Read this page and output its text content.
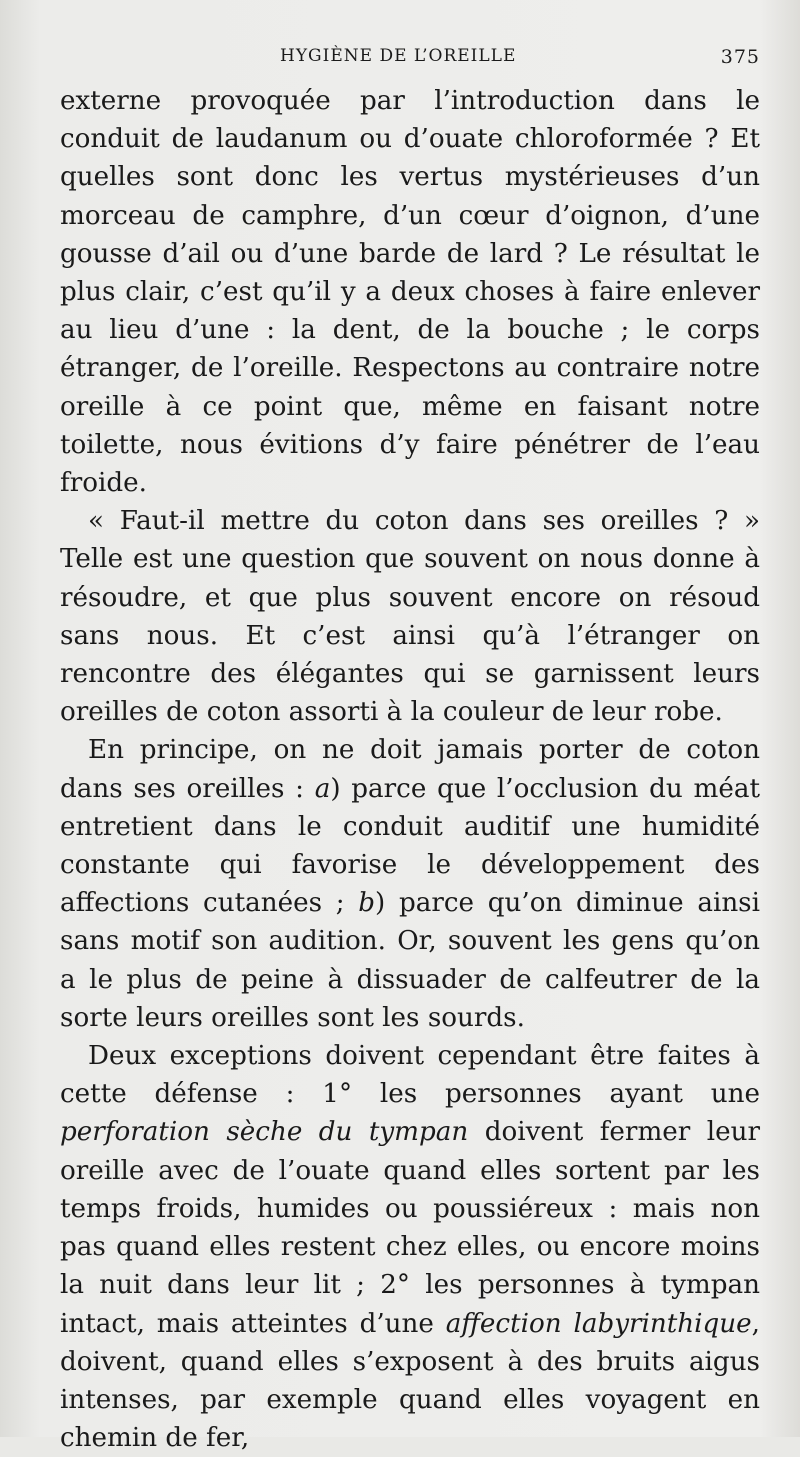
HYGIÈNE DE L’OREILLE	375

externe provoquée par l’introduction dans le conduit de laudanum ou d’ouate chloroformée ? Et quelles sont donc les vertus mystérieuses d’un morceau de camphre, d’un cœur d’oignon, d’une gousse d’ail ou d’une barde de lard ? Le résultat le plus clair, c’est qu’il y a deux choses à faire enlever au lieu d’une : la dent, de la bouche ; le corps étranger, de l’oreille. Respectons au contraire notre oreille à ce point que, même en faisant notre toilette, nous évitions d’y faire pénétrer de l’eau froide.

« Faut-il mettre du coton dans ses oreilles ? » Telle est une question que souvent on nous donne à résoudre, et que plus souvent encore on résoud sans nous. Et c’est ainsi qu’à l’étranger on rencontre des élégantes qui se garnissent leurs oreilles de coton assorti à la couleur de leur robe.

En principe, on ne doit jamais porter de coton dans ses oreilles : a) parce que l’occlusion du méat entretient dans le conduit auditif une humidité constante qui favorise le développement des affections cutanées ; b) parce qu’on diminue ainsi sans motif son audition. Or, souvent les gens qu’on a le plus de peine à dissuader de calfeutrer de la sorte leurs oreilles sont les sourds.

Deux exceptions doivent cependant être faites à cette défense : 1° les personnes ayant une perforation sèche du tympan doivent fermer leur oreille avec de l’ouate quand elles sortent par les temps froids, humides ou poussiéreux : mais non pas quand elles restent chez elles, ou encore moins la nuit dans leur lit ; 2° les personnes à tympan intact, mais atteintes d’une affection labyrinthique, doivent, quand elles s’exposent à des bruits aigus intenses, par exemple quand elles voyagent en chemin de fer,
